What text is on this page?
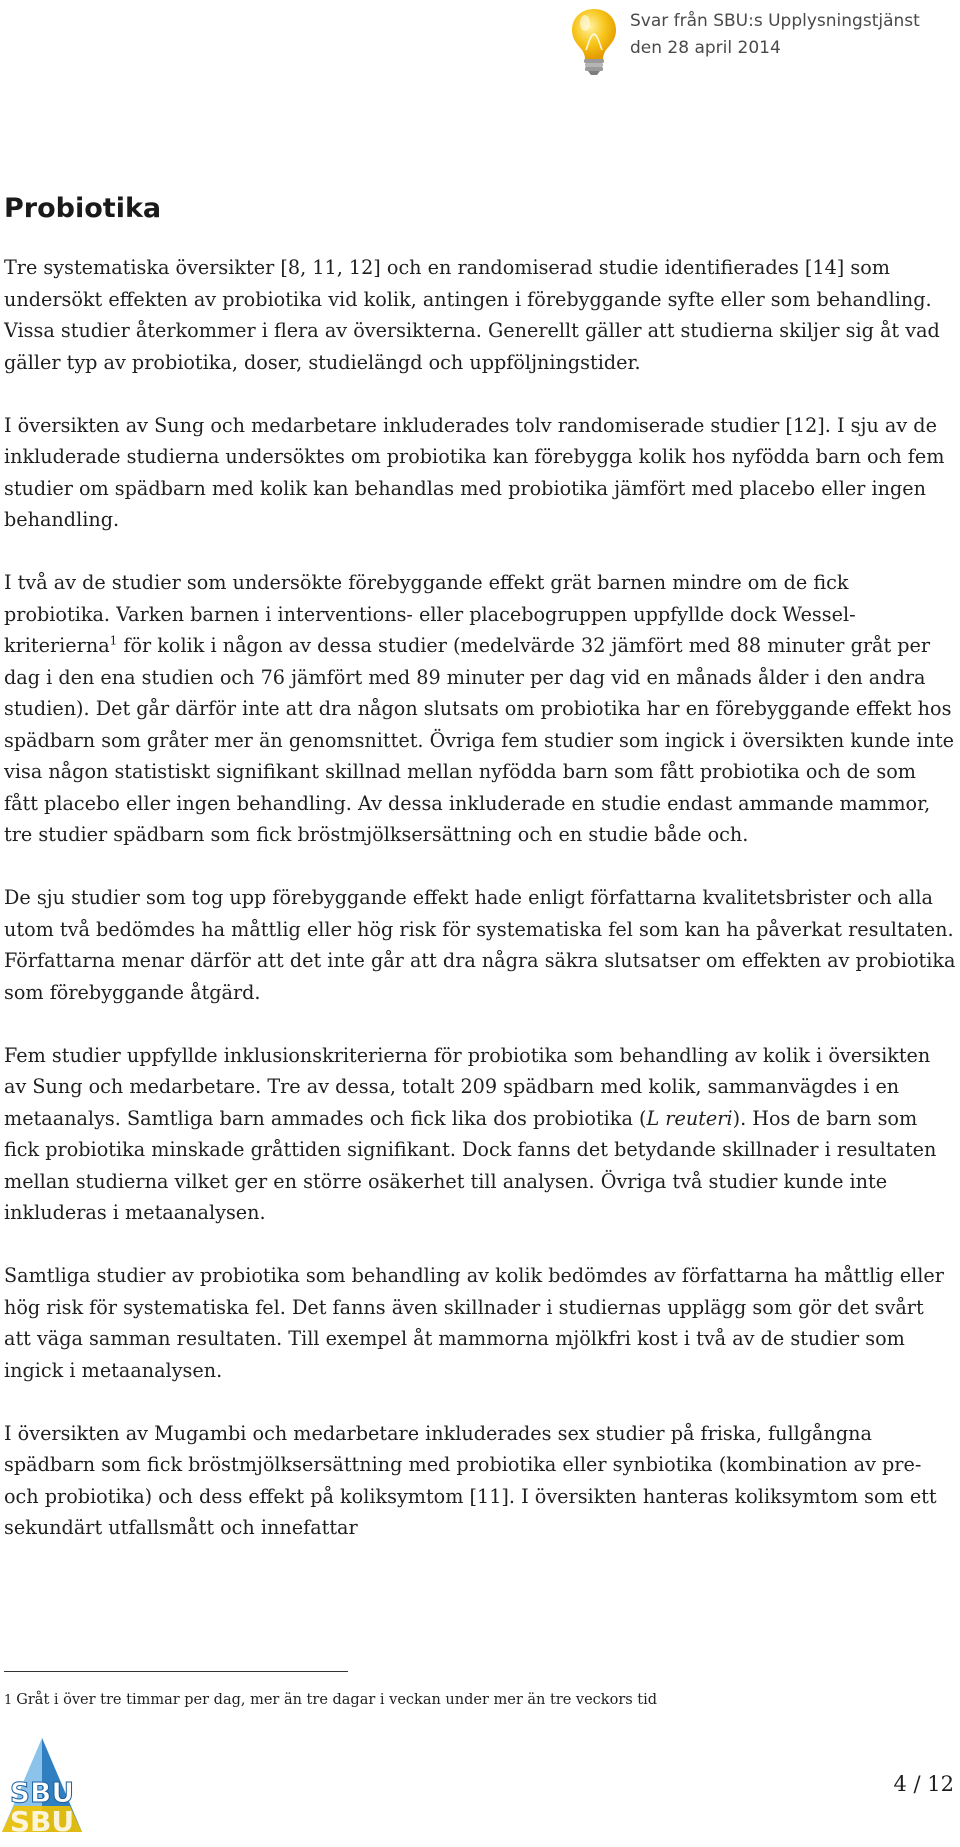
Svar från SBU:s Upplysningstjänst
den 28 april 2014
Probiotika

Tre systematiska översikter [8, 11, 12] och en randomiserad studie identifierades [14] som undersökt effekten av probiotika vid kolik, antingen i förebyggande syfte eller som behandling. Vissa studier återkommer i flera av översikterna. Generellt gäller att studierna skiljer sig åt vad gäller typ av probiotika, doser, studielängd och uppföljningstider.

I översikten av Sung och medarbetare inkluderades tolv randomiserade studier [12]. I sju av de inkluderade studierna undersöktes om probiotika kan förebygga kolik hos nyfödda barn och fem studier om spädbarn med kolik kan behandlas med probiotika jämfört med placebo eller ingen behandling.

I två av de studier som undersökte förebyggande effekt grät barnen mindre om de fick probiotika. Varken barnen i interventions- eller placebogruppen uppfyllde dock Wessel-kriterierna$^1$ för kolik i någon av dessa studier (medelvärde 32 jämfört med 88 minuter gråt per dag i den ena studien och 76 jämfört med 89 minuter per dag vid en månads ålder i den andra studien). Det går därför inte att dra någon slutsats om probiotika har en förebyggande effekt hos spädbarn som gråter mer än genomsnittet. Övriga fem studier som ingick i översikten kunde inte visa någon statistiskt signifikant skillnad mellan nyfödda barn som fått probiotika och de som fått placebo eller ingen behandling. Av dessa inkluderade en studie endast ammande mammor, tre studier spädbarn som fick bröstmjölksersättning och en studie både och.

De sju studier som tog upp förebyggande effekt hade enligt författarna kvalitetsbrister och alla utom två bedömdes ha måttlig eller hög risk för systematiska fel som kan ha påverkat resultaten. Författarna menar därför att det inte går att dra några säkra slutsatser om effekten av probiotika som förebyggande åtgärd.

Fem studier uppfyllde inklusionskriterierna för probiotika som behandling av kolik i översikten av Sung och medarbetare. Tre av dessa, totalt 209 spädbarn med kolik, sammanvägdes i en metaanalys. Samtliga barn ammades och fick lika dos probiotika (L reuteri). Hos de barn som fick probiotika minskade gråttiden signifikant. Dock fanns det betydande skillnader i resultaten mellan studierna vilket ger en större osäkerhet till analysen. Övriga två studier kunde inte inkluderas i metaanalysen.

Samtliga studier av probiotika som behandling av kolik bedömdes av författarna ha måttlig eller hög risk för systematiska fel. Det fanns även skillnader i studiernas upplägg som gör det svårt att väga samman resultaten. Till exempel åt mammorna mjölkfri kost i två av de studier som ingick i metaanalysen.

I översikten av Mugambi och medarbetare inkluderades sex studier på friska, fullgångna spädbarn som fick bröstmjölksersättning med probiotika eller synbiotika (kombination av pre- och probiotika) och dess effekt på koliksymtom [11]. I översikten hanteras koliksymtom som ett sekundärt utfallsmått och innefattar

1 Gråt i över tre timmar per dag, mer än tre dagar i veckan under mer än tre veckors tid
SBU
SBU
4 / 12
